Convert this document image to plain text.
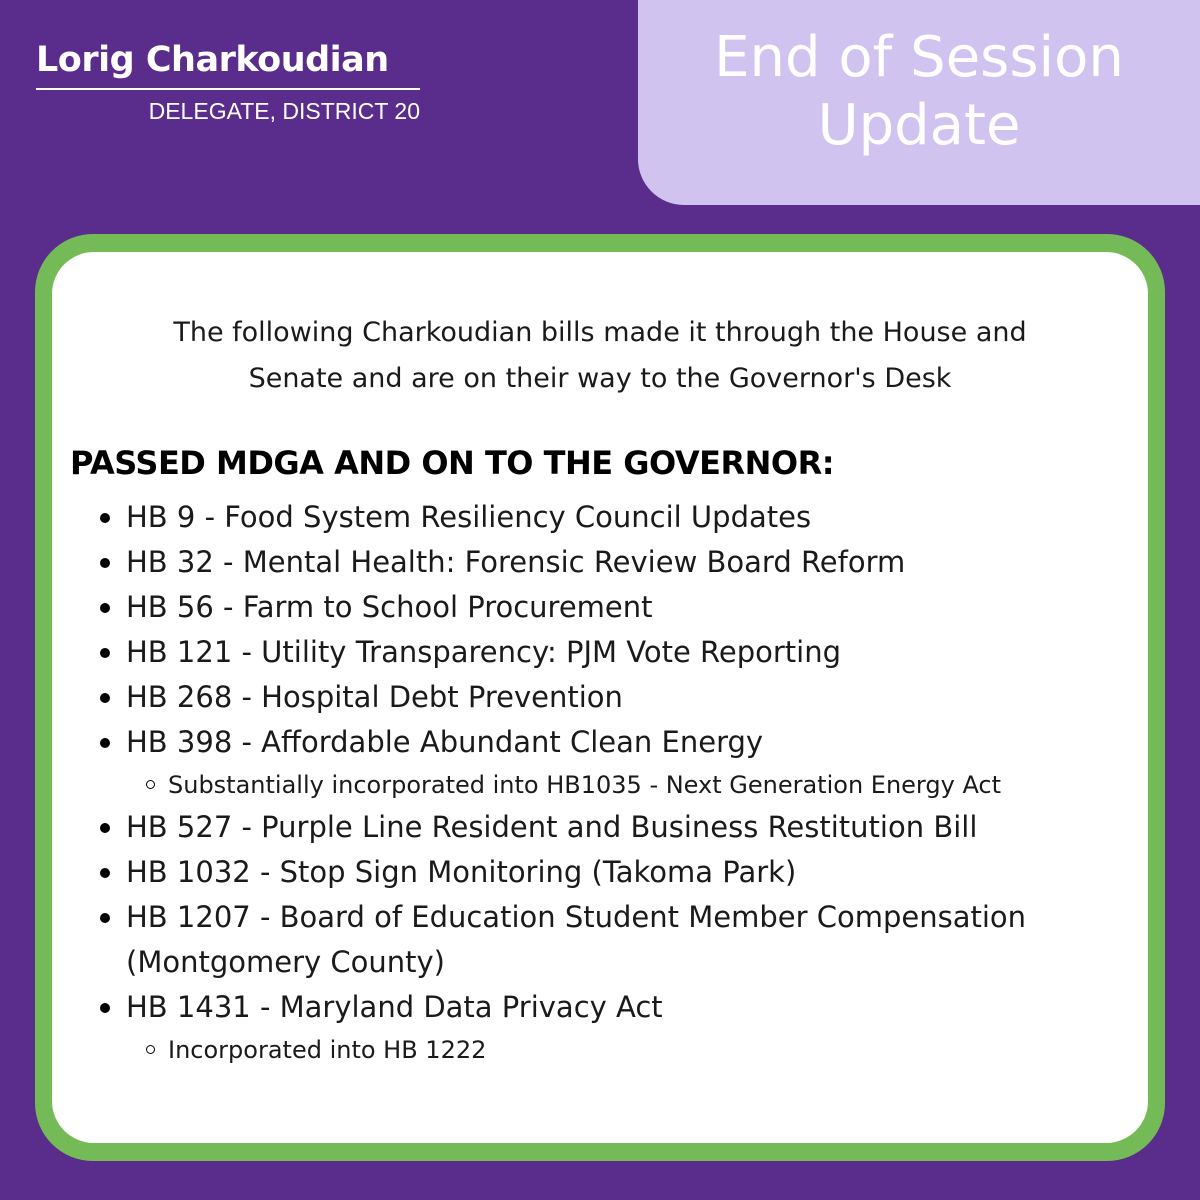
Lorig Charkoudian
DELEGATE, DISTRICT 20
End of Session
Update
The following Charkoudian bills made it through the House and
Senate and are on their way to the Governor's Desk
PASSED MDGA AND ON TO THE GOVERNOR:
HB 9 - Food System Resiliency Council Updates
HB 32 - Mental Health: Forensic Review Board Reform
HB 56 - Farm to School Procurement
HB 121 - Utility Transparency: PJM Vote Reporting
HB 268 - Hospital Debt Prevention
HB 398 - Affordable Abundant Clean Energy
Substantially incorporated into HB1035 - Next Generation Energy Act
HB 527 - Purple Line Resident and Business Restitution Bill
HB 1032 - Stop Sign Monitoring (Takoma Park)
HB 1207 - Board of Education Student Member Compensation
(Montgomery County)
HB 1431 - Maryland Data Privacy Act
Incorporated into HB 1222
